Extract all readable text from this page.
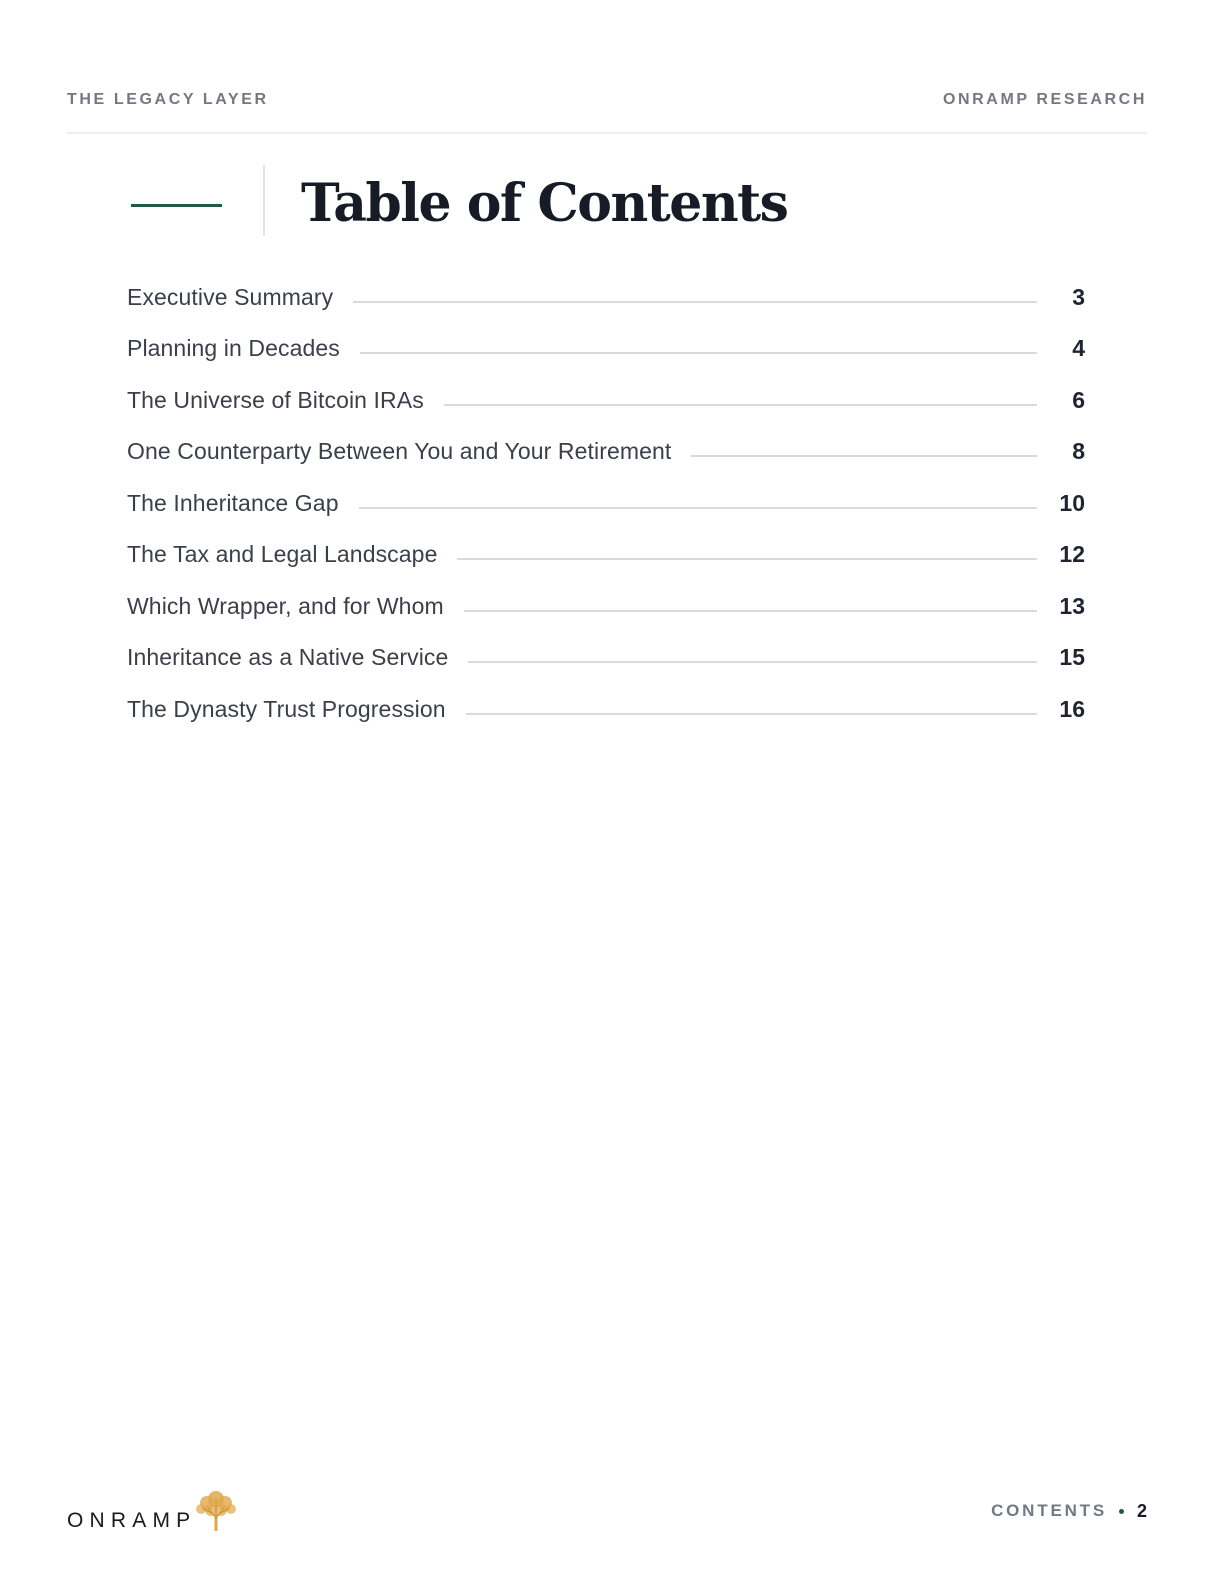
THE LEGACY LAYER	ONRAMP RESEARCH
Table of Contents
Executive Summary	3
Planning in Decades	4
The Universe of Bitcoin IRAs	6
One Counterparty Between You and Your Retirement	8
The Inheritance Gap	10
The Tax and Legal Landscape	12
Which Wrapper, and for Whom	13
Inheritance as a Native Service	15
The Dynasty Trust Progression	16
ONRAMP	CONTENTS 2
